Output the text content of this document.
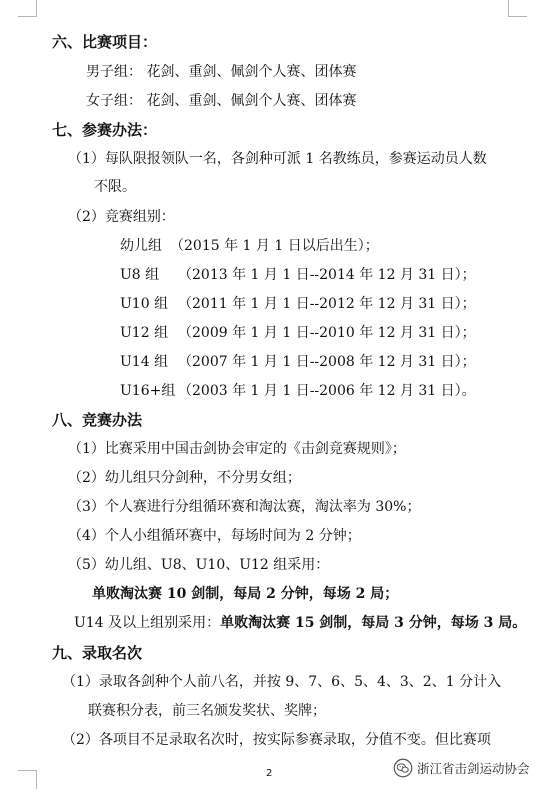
六、比赛项目：
男子组： 花剑、重剑、佩剑个人赛、团体赛
女子组： 花剑、重剑、佩剑个人赛、团体赛
七、参赛办法：
（1）每队限报领队一名，各剑种可派 1 名教练员，参赛运动员人数
不限。
（2）竞赛组别：
幼儿组 （2015 年 1 月 1 日以后出生）；
U8 组 （2013 年 1 月 1 日--2014 年 12 月 31 日）；
U10 组 （2011 年 1 月 1 日--2012 年 12 月 31 日）；
U12 组 （2009 年 1 月 1 日--2010 年 12 月 31 日）；
U14 组 （2007 年 1 月 1 日--2008 年 12 月 31 日）；
U16+组 （2003 年 1 月 1 日--2006 年 12 月 31 日）。
八、竞赛办法
（1）比赛采用中国击剑协会审定的《击剑竞赛规则》；
（2）幼儿组只分剑种，不分男女组；
（3）个人赛进行分组循环赛和淘汰赛，淘汰率为 30%；
（4）个人小组循环赛中，每场时间为 2 分钟；
（5）幼儿组、U8、U10、U12 组采用：
单败淘汰赛 10 剑制，每局 2 分钟，每场 2 局；
U14 及以上组别采用：单败淘汰赛 15 剑制，每局 3 分钟，每场 3 局。
九、录取名次
（1）录取各剑种个人前八名，并按 9、7、6、5、4、3、2、1 分计入
联赛积分表，前三名颁发奖状、奖牌；
（2）各项目不足录取名次时，按实际参赛录取，分值不变。但比赛项
2	浙江省击剑运动协会
